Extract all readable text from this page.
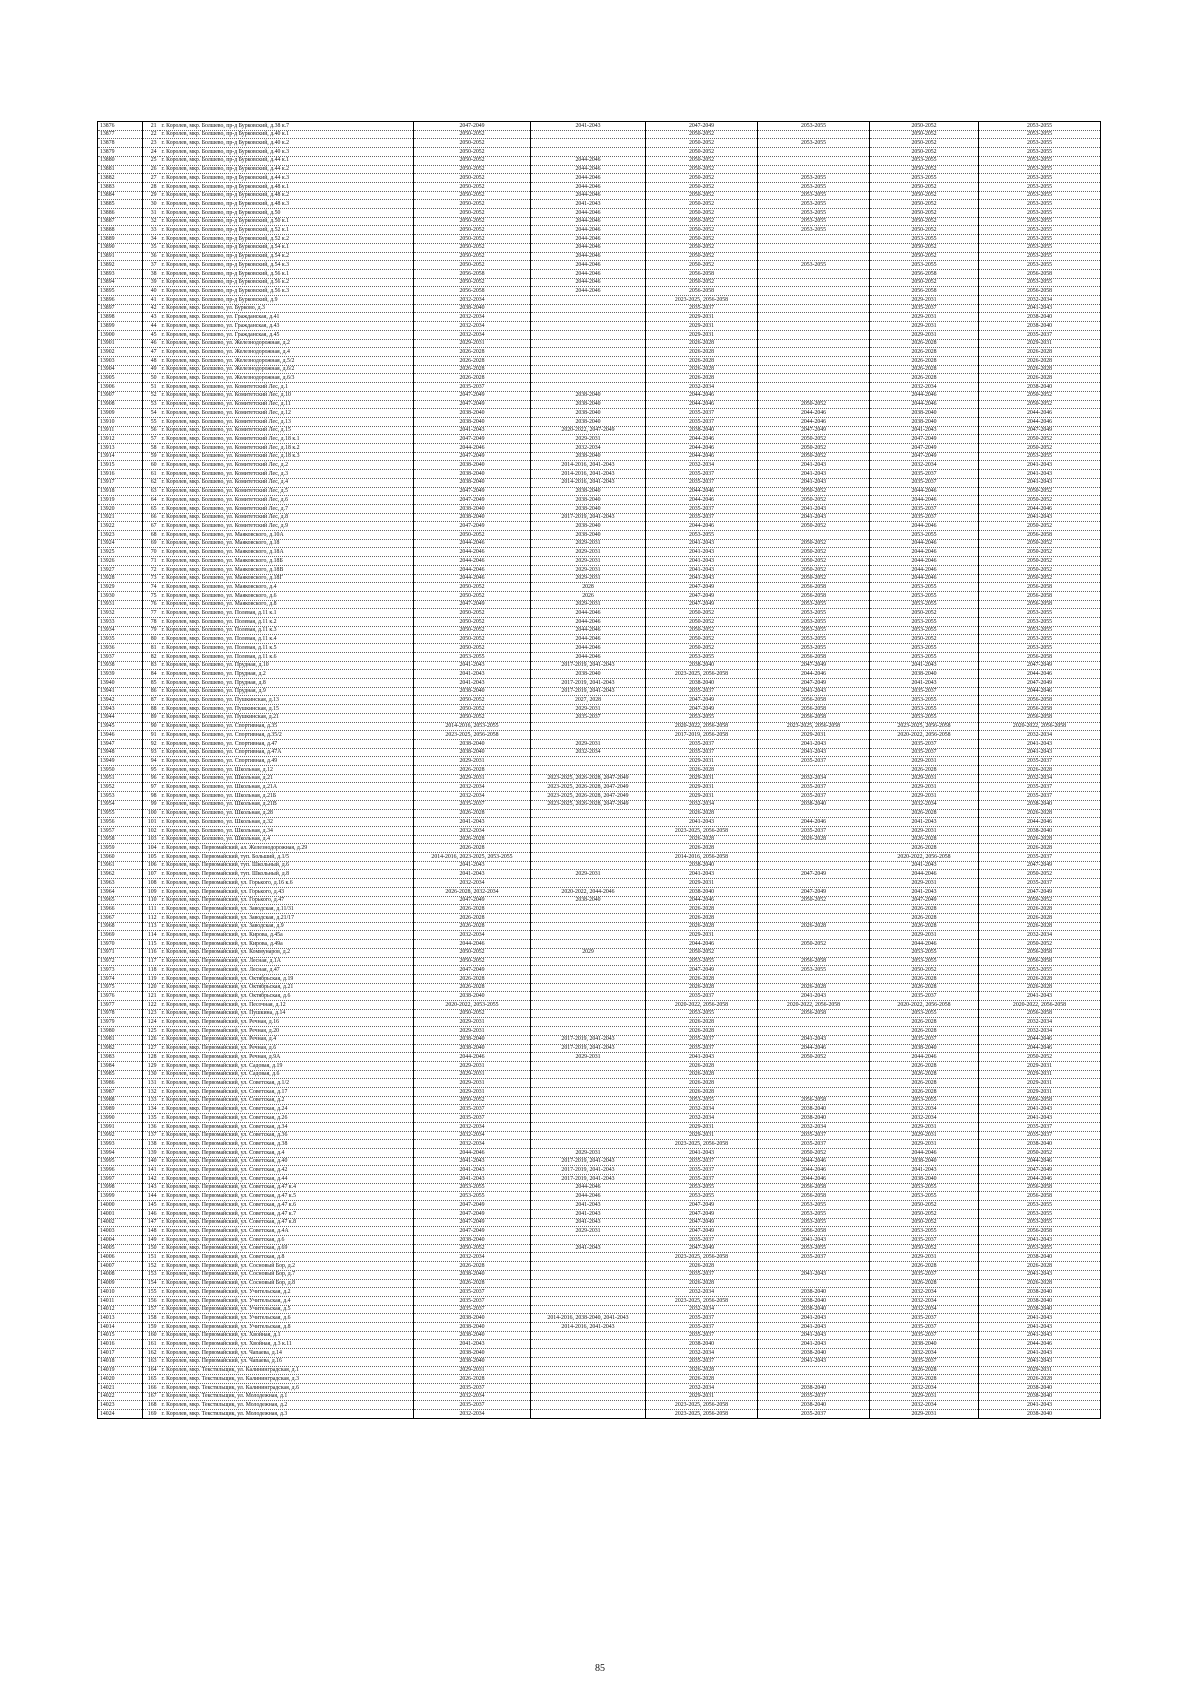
13876	21	г. Королев, мкр. Болшево, пр-д Бурковский, д.38 к.7	2047-2049	2041-2043	2047-2049	2053-2055	2050-2052	2053-2055
13877	22	г. Королев, мкр. Болшево, пр-д Бурковский, д.40 к.1	2050-2052		2050-2052		2050-2052	2053-2055
13878	23	г. Королев, мкр. Болшево, пр-д Бурковский, д.40 к.2	2050-2052		2050-2052	2053-2055	2050-2052	2053-2055
13879	24	г. Королев, мкр. Болшево, пр-д Бурковский, д.40 к.3	2050-2052		2050-2052		2050-2052	2053-2055
13880	25	г. Королев, мкр. Болшево, пр-д Бурковский, д.44 к.1	2050-2052	2044-2046	2050-2052		2053-2055	2053-2055
13881	26	г. Королев, мкр. Болшево, пр-д Бурковский, д.44 к.2	2050-2052	2044-2046	2050-2052		2050-2052	2053-2055
13882	27	г. Королев, мкр. Болшево, пр-д Бурковский, д.44 к.3	2050-2052	2044-2046	2050-2052	2053-2055	2053-2055	2053-2055
13883	28	г. Королев, мкр. Болшево, пр-д Бурковский, д.48 к.1	2050-2052	2044-2046	2050-2052	2053-2055	2050-2052	2053-2055
13884	29	г. Королев, мкр. Болшево, пр-д Бурковский, д.48 к.2	2050-2052	2044-2046	2050-2052	2053-2055	2050-2052	2053-2055
13885	30	г. Королев, мкр. Болшево, пр-д Бурковский, д.48 к.3	2050-2052	2041-2043	2050-2052	2053-2055	2050-2052	2053-2055
13886	31	г. Королев, мкр. Болшево, пр-д Бурковский, д.50	2050-2052	2044-2046	2050-2052	2053-2055	2050-2052	2053-2055
13887	32	г. Королев, мкр. Болшево, пр-д Бурковский, д.50 к.1	2050-2052	2044-2046	2050-2052	2053-2055	2050-2052	2053-2055
13888	33	г. Королев, мкр. Болшево, пр-д Бурковский, д.52 к.1	2050-2052	2044-2046	2050-2052	2053-2055	2050-2052	2053-2055
13889	34	г. Королев, мкр. Болшево, пр-д Бурковский, д.52 к.2	2050-2052	2044-2046	2050-2052		2053-2055	2053-2055
13890	35	г. Королев, мкр. Болшево, пр-д Бурковский, д.54 к.1	2050-2052	2044-2046	2050-2052		2050-2052	2053-2055
13891	36	г. Королев, мкр. Болшево, пр-д Бурковский, д.54 к.2	2050-2052	2044-2046	2050-2052		2050-2052	2053-2055
13892	37	г. Королев, мкр. Болшево, пр-д Бурковский, д.54 к.3	2050-2052	2044-2046	2050-2052	2053-2055	2053-2055	2053-2055
13893	38	г. Королев, мкр. Болшево, пр-д Бурковский, д.56 к.1	2056-2058	2044-2046	2056-2058		2056-2058	2056-2058
13894	39	г. Королев, мкр. Болшево, пр-д Бурковский, д.56 к.2	2050-2052	2044-2046	2050-2052		2050-2052	2053-2055
13895	40	г. Королев, мкр. Болшево, пр-д Бурковский, д.56 к.3	2056-2058	2044-2046	2056-2058		2056-2058	2056-2058
13896	41	г. Королев, мкр. Болшево, пр-д Бурковский, д.9	2032-2034		2023-2025, 2056-2058		2029-2031	2032-2034
13897	42	г. Королев, мкр. Болшево, ул. Бурково, д.3	2038-2040		2035-2037		2035-2037	2041-2043
13898	43	г. Королев, мкр. Болшево, ул. Гражданская, д.41	2032-2034		2029-2031		2029-2031	2038-2040
13899	44	г. Королев, мкр. Болшево, ул. Гражданская, д.43	2032-2034		2029-2031		2029-2031	2038-2040
13900	45	г. Королев, мкр. Болшево, ул. Гражданская, д.45	2032-2034		2029-2031		2029-2031	2035-2037
13901	46	г. Королев, мкр. Болшево, ул. Железнодорожная, д.2	2029-2031		2026-2028		2026-2028	2029-2031
13902	47	г. Королев, мкр. Болшево, ул. Железнодорожная, д.4	2026-2028		2026-2028		2026-2028	2026-2028
13903	48	г. Королев, мкр. Болшево, ул. Железнодорожная, д.5/2	2026-2028		2026-2028		2026-2028	2026-2028
13904	49	г. Королев, мкр. Болшево, ул. Железнодорожная, д.6/2	2026-2028		2026-2028		2026-2028	2026-2028
13905	50	г. Королев, мкр. Болшево, ул. Железнодорожная, д.6/3	2026-2028		2026-2028		2026-2028	2026-2028
13906	51	г. Королев, мкр. Болшево, ул. Комитетский Лес, д.1	2035-2037		2032-2034		2032-2034	2038-2040
13907	52	г. Королев, мкр. Болшево, ул. Комитетский Лес, д.10	2047-2049	2038-2040	2044-2046		2044-2046	2050-2052
13908	53	г. Королев, мкр. Болшево, ул. Комитетский Лес, д.11	2047-2049	2038-2040	2044-2046	2050-2052	2044-2046	2050-2052
13909	54	г. Королев, мкр. Болшево, ул. Комитетский Лес, д.12	2038-2040	2038-2040	2035-2037	2044-2046	2038-2040	2044-2046
13910	55	г. Королев, мкр. Болшево, ул. Комитетский Лес, д.13	2038-2040	2038-2040	2035-2037	2044-2046	2038-2040	2044-2046
13911	56	г. Королев, мкр. Болшево, ул. Комитетский Лес, д.15	2041-2043	2020-2022, 2047-2049	2038-2040	2047-2049	2041-2043	2047-2049
13912	57	г. Королев, мкр. Болшево, ул. Комитетский Лес, д.18 к.1	2047-2049	2029-2031	2044-2046	2050-2052	2047-2049	2050-2052
13913	58	г. Королев, мкр. Болшево, ул. Комитетский Лес, д.18 к.2	2044-2046	2032-2034	2044-2046	2050-2052	2047-2049	2050-2052
13914	59	г. Королев, мкр. Болшево, ул. Комитетский Лес, д.18 к.3	2047-2049	2038-2040	2044-2046	2050-2052	2047-2049	2053-2055
13915	60	г. Королев, мкр. Болшево, ул. Комитетский Лес, д.2	2038-2040	2014-2016, 2041-2043	2032-2034	2041-2043	2032-2034	2041-2043
13916	61	г. Королев, мкр. Болшево, ул. Комитетский Лес, д.3	2038-2040	2014-2016, 2041-2043	2035-2037	2041-2043	2035-2037	2041-2043
13917	62	г. Королев, мкр. Болшево, ул. Комитетский Лес, д.4	2038-2040	2014-2016, 2041-2043	2035-2037	2041-2043	2035-2037	2041-2043
13918	63	г. Королев, мкр. Болшево, ул. Комитетский Лес, д.5	2047-2049	2038-2040	2044-2046	2050-2052	2044-2046	2050-2052
13919	64	г. Королев, мкр. Болшево, ул. Комитетский Лес, д.6	2047-2049	2038-2040	2044-2046	2050-2052	2044-2046	2050-2052
13920	65	г. Королев, мкр. Болшево, ул. Комитетский Лес, д.7	2038-2040	2038-2040	2035-2037	2041-2043	2035-2037	2044-2046
13921	66	г. Королев, мкр. Болшево, ул. Комитетский Лес, д.8	2038-2040	2017-2019, 2041-2043	2035-2037	2041-2043	2035-2037	2041-2043
13922	67	г. Королев, мкр. Болшево, ул. Комитетский Лес, д.9	2047-2049	2038-2040	2044-2046	2050-2052	2044-2046	2050-2052
13923	68	г. Королев, мкр. Болшево, ул. Маяковского, д.10А	2050-2052	2038-2040	2053-2055		2053-2055	2056-2058
13924	69	г. Королев, мкр. Болшево, ул. Маяковского, д.18	2044-2046	2029-2031	2041-2043	2050-2052	2044-2046	2050-2052
13925	70	г. Королев, мкр. Болшево, ул. Маяковского, д.18А	2044-2046	2029-2031	2041-2043	2050-2052	2044-2046	2050-2052
13926	71	г. Королев, мкр. Болшево, ул. Маяковского, д.18Б	2044-2046	2029-2031	2041-2043	2050-2052	2044-2046	2050-2052
13927	72	г. Королев, мкр. Болшево, ул. Маяковского, д.18В	2044-2046	2029-2031	2041-2043	2050-2052	2044-2046	2050-2052
13928	73	г. Королев, мкр. Болшево, ул. Маяковского, д.18Г	2044-2046	2029-2031	2041-2043	2050-2052	2044-2046	2050-2052
13929	74	г. Королев, мкр. Болшево, ул. Маяковского, д.4	2050-2052	2028	2047-2049	2056-2058	2053-2055	2056-2058
13930	75	г. Королев, мкр. Болшево, ул. Маяковского, д.6	2050-2052	2026	2047-2049	2056-2058	2053-2055	2056-2058
13931	76	г. Королев, мкр. Болшево, ул. Маяковского, д.8	2047-2049	2029-2031	2047-2049	2053-2055	2053-2055	2056-2058
13932	77	г. Королев, мкр. Болшево, ул. Полевая, д.11 к.1	2050-2052	2044-2046	2050-2052	2053-2055	2050-2052	2053-2055
13933	78	г. Королев, мкр. Болшево, ул. Полевая, д.11 к.2	2050-2052	2044-2046	2050-2052	2053-2055	2053-2055	2053-2055
13934	79	г. Королев, мкр. Болшево, ул. Полевая, д.11 к.3	2050-2052	2044-2046	2050-2052	2053-2055	2053-2055	2053-2055
13935	80	г. Королев, мкр. Болшево, ул. Полевая, д.11 к.4	2050-2052	2044-2046	2050-2052	2053-2055	2050-2052	2053-2055
13936	81	г. Королев, мкр. Болшево, ул. Полевая, д.11 к.5	2050-2052	2044-2046	2050-2052	2053-2055	2053-2055	2053-2055
13937	82	г. Королев, мкр. Болшево, ул. Полевая, д.11 к.6	2053-2055	2044-2046	2053-2055	2056-2058	2053-2055	2056-2058
13938	83	г. Королев, мкр. Болшево, ул. Прудная, д.10	2041-2043	2017-2019, 2041-2043	2038-2040	2047-2049	2041-2043	2047-2049
13939	84	г. Королев, мкр. Болшево, ул. Прудная, д.2	2041-2043	2038-2040	2023-2025, 2056-2058	2044-2046	2038-2040	2044-2046
13940	85	г. Королев, мкр. Болшево, ул. Прудная, д.8	2041-2043	2017-2019, 2041-2043	2038-2040	2047-2049	2041-2043	2047-2049
13941	86	г. Королев, мкр. Болшево, ул. Прудная, д.9	2038-2040	2017-2019, 2041-2043	2035-2037	2041-2043	2035-2037	2044-2046
13942	87	г. Королев, мкр. Болшево, ул. Пушкинская, д.13	2050-2052	2027, 2028	2047-2049	2056-2058	2053-2055	2056-2058
13943	88	г. Королев, мкр. Болшево, ул. Пушкинская, д.15	2050-2052	2029-2031	2047-2049	2056-2058	2053-2055	2056-2058
13944	89	г. Королев, мкр. Болшево, ул. Пушкинская, д.21	2050-2052	2035-2037	2053-2055	2056-2058	2053-2055	2056-2058
13945	90	г. Королев, мкр. Болшево, ул. Спортивная, д.35	2014-2016, 2053-2055		2020-2022, 2056-2058	2023-2025, 2056-2058	2023-2025, 2056-2058	2020-2022, 2056-2058
13946	91	г. Королев, мкр. Болшево, ул. Спортивная, д.35/2	2023-2025, 2056-2058		2017-2019, 2056-2058	2029-2031	2020-2022, 2056-2058	2032-2034
13947	92	г. Королев, мкр. Болшево, ул. Спортивная, д.47	2038-2040	2029-2031	2035-2037	2041-2043	2035-2037	2041-2043
13948	93	г. Королев, мкр. Болшево, ул. Спортивная, д.47А	2038-2040	2032-2034	2035-2037	2041-2043	2035-2037	2041-2043
13949	94	г. Королев, мкр. Болшево, ул. Спортивная, д.49	2029-2031		2029-2031	2035-2037	2029-2031	2035-2037
13950	95	г. Королев, мкр. Болшево, ул. Школьная, д.12	2026-2028		2026-2028		2026-2028	2026-2028
13951	96	г. Королев, мкр. Болшево, ул. Школьная, д.21	2029-2031	2023-2025, 2026-2028, 2047-2049	2029-2031	2032-2034	2029-2031	2032-2034
13952	97	г. Королев, мкр. Болшево, ул. Школьная, д.21А	2032-2034	2023-2025, 2026-2028, 2047-2049	2029-2031	2035-2037	2029-2031	2035-2037
13953	98	г. Королев, мкр. Болшево, ул. Школьная, д.21Б	2032-2034	2023-2025, 2026-2028, 2047-2049	2029-2031	2035-2037	2029-2031	2035-2037
13954	99	г. Королев, мкр. Болшево, ул. Школьная, д.21В	2035-2037	2023-2025, 2026-2028, 2047-2049	2032-2034	2038-2040	2032-2034	2038-2040
13955	100	г. Королев, мкр. Болшево, ул. Школьная, д.28	2026-2028		2026-2028		2026-2028	2026-2028
13956	101	г. Королев, мкр. Болшево, ул. Школьная, д.32	2041-2043		2041-2043	2044-2046	2041-2043	2044-2046
13957	102	г. Королев, мкр. Болшево, ул. Школьная, д.34	2032-2034		2023-2025, 2056-2058	2035-2037	2029-2031	2038-2040
13958	103	г. Королев, мкр. Болшево, ул. Школьная, д.4	2026-2028		2026-2028	2026-2028	2026-2028	2026-2028
13959	104	г. Королев, мкр. Первомайский, ал. Железнодорожная, д.29	2026-2028		2026-2028		2026-2028	2026-2028
13960	105	г. Королев, мкр. Первомайский, туп. Больший, д.1/5	2014-2016, 2023-2025, 2053-2055		2014-2016, 2056-2058		2020-2022, 2056-2058	2035-2037
13961	106	г. Королев, мкр. Первомайский, туп. Школьный, д.6	2041-2043		2038-2040		2041-2043	2047-2049
13962	107	г. Королев, мкр. Первомайский, туп. Школьный, д.8	2041-2043	2029-2031	2041-2043	2047-2049	2044-2046	2050-2052
13963	108	г. Королев, мкр. Первомайский, ул. Горького, д.16 к.6	2032-2034		2029-2031		2029-2031	2035-2037
13964	109	г. Королев, мкр. Первомайский, ул. Горького, д.43	2026-2028, 2032-2034	2020-2022, 2044-2046	2038-2040	2047-2049	2041-2043	2047-2049
13965	110	г. Королев, мкр. Первомайский, ул. Горького, д.47	2047-2049	2038-2040	2044-2046	2050-2052	2047-2049	2050-2052
13966	111	г. Королев, мкр. Первомайский, ул. Заводская, д.11/31	2026-2028		2026-2028		2026-2028	2026-2028
13967	112	г. Королев, мкр. Первомайский, ул. Заводская, д.21/17	2026-2028		2026-2028		2026-2028	2026-2028
13968	113	г. Королев, мкр. Первомайский, ул. Заводская, д.9	2026-2028		2026-2028	2026-2028	2026-2028	2026-2028
13969	114	г. Королев, мкр. Первомайский, ул. Кирова, д.45а	2032-2034		2029-2031		2029-2031	2032-2034
13970	115	г. Королев, мкр. Первомайский, ул. Кирова, д.49а	2044-2046		2044-2046	2050-2052	2044-2046	2050-2052
13971	116	г. Королев, мкр. Первомайский, ул. Коммунаров, д.2	2050-2052	2029	2050-2052		2053-2055	2056-2058
13972	117	г. Королев, мкр. Первомайский, ул. Лесная, д.1А	2050-2052		2053-2055	2056-2058	2053-2055	2056-2058
13973	118	г. Королев, мкр. Первомайский, ул. Лесная, д.47	2047-2049		2047-2049	2053-2055	2050-2052	2053-2055
13974	119	г. Королев, мкр. Первомайский, ул. Октябрьская, д.19	2026-2028		2026-2028		2026-2028	2026-2028
13975	120	г. Королев, мкр. Первомайский, ул. Октябрьская, д.21	2026-2028		2026-2028	2026-2028	2026-2028	2026-2028
13976	121	г. Королев, мкр. Первомайский, ул. Октябрьская, д.6	2038-2040		2035-2037	2041-2043	2035-2037	2041-2043
13977	122	г. Королев, мкр. Первомайский, ул. Песочная, д.12	2020-2022, 2053-2055		2020-2022, 2056-2058	2020-2022, 2056-2058	2020-2022, 2056-2058	2020-2022, 2056-2058
13978	123	г. Королев, мкр. Первомайский, ул. Пушкина, д.14	2050-2052		2053-2055	2056-2058	2053-2055	2056-2058
13979	124	г. Королев, мкр. Первомайский, ул. Речная, д.16	2029-2031		2026-2028		2026-2028	2032-2034
13980	125	г. Королев, мкр. Первомайский, ул. Речная, д.20	2029-2031		2026-2028		2026-2028	2032-2034
13981	126	г. Королев, мкр. Первомайский, ул. Речная, д.4	2038-2040	2017-2019, 2041-2043	2035-2037	2041-2043	2035-2037	2044-2046
13982	127	г. Королев, мкр. Первомайский, ул. Речная, д.6	2038-2040	2017-2019, 2041-2043	2035-2037	2044-2046	2038-2040	2044-2046
13983	128	г. Королев, мкр. Первомайский, ул. Речная, д.9А	2044-2046	2029-2031	2041-2043	2050-2052	2044-2046	2050-2052
13984	129	г. Королев, мкр. Первомайский, ул. Садовая, д.19	2029-2031		2026-2028		2026-2028	2029-2031
13985	130	г. Королев, мкр. Первомайский, ул. Садовая, д.6	2029-2031		2026-2028		2026-2028	2029-2031
13986	131	г. Королев, мкр. Первомайский, ул. Советская, д.1/2	2029-2031		2026-2028		2026-2028	2029-2031
13987	132	г. Королев, мкр. Первомайский, ул. Советская, д.17	2029-2031		2026-2028		2026-2028	2029-2031
13988	133	г. Королев, мкр. Первомайский, ул. Советская, д.2	2050-2052		2053-2055	2056-2058	2053-2055	2056-2058
13989	134	г. Королев, мкр. Первомайский, ул. Советская, д.24	2035-2037		2032-2034	2038-2040	2032-2034	2041-2043
13990	135	г. Королев, мкр. Первомайский, ул. Советская, д.26	2035-2037		2032-2034	2038-2040	2032-2034	2041-2043
13991	136	г. Королев, мкр. Первомайский, ул. Советская, д.34	2032-2034		2029-2031	2032-2034	2029-2031	2035-2037
13992	137	г. Королев, мкр. Первомайский, ул. Советская, д.36	2032-2034		2029-2031	2035-2037	2029-2031	2035-2037
13993	138	г. Королев, мкр. Первомайский, ул. Советская, д.38	2032-2034		2023-2025, 2056-2058	2035-2037	2029-2031	2038-2040
13994	139	г. Королев, мкр. Первомайский, ул. Советская, д.4	2044-2046	2029-2031	2041-2043	2050-2052	2044-2046	2050-2052
13995	140	г. Королев, мкр. Первомайский, ул. Советская, д.40	2041-2043	2017-2019, 2041-2043	2035-2037	2044-2046	2038-2040	2044-2046
13996	141	г. Королев, мкр. Первомайский, ул. Советская, д.42	2041-2043	2017-2019, 2041-2043	2035-2037	2044-2046	2041-2043	2047-2049
13997	142	г. Королев, мкр. Первомайский, ул. Советская, д.44	2041-2043	2017-2019, 2041-2043	2035-2037	2044-2046	2038-2040	2044-2046
13998	143	г. Королев, мкр. Первомайский, ул. Советская, д.47 к.4	2053-2055	2044-2046	2053-2055	2056-2058	2053-2055	2056-2058
13999	144	г. Королев, мкр. Первомайский, ул. Советская, д.47 к.5	2053-2055	2044-2046	2053-2055	2056-2058	2053-2055	2056-2058
14000	145	г. Королев, мкр. Первомайский, ул. Советская, д.47 к.6	2047-2049	2041-2043	2047-2049	2053-2055	2050-2052	2053-2055
14001	146	г. Королев, мкр. Первомайский, ул. Советская, д.47 к.7	2047-2049	2041-2043	2047-2049	2053-2055	2050-2052	2053-2055
14002	147	г. Королев, мкр. Первомайский, ул. Советская, д.47 к.8	2047-2049	2041-2043	2047-2049	2053-2055	2050-2052	2053-2055
14003	148	г. Королев, мкр. Первомайский, ул. Советская, д.4А	2047-2049	2029-2031	2047-2049	2056-2058	2053-2055	2056-2058
14004	149	г. Королев, мкр. Первомайский, ул. Советская, д.6	2038-2040		2035-2037	2041-2043	2035-2037	2041-2043
14005	150	г. Королев, мкр. Первомайский, ул. Советская, д.69	2050-2052	2041-2043	2047-2049	2053-2055	2050-2052	2053-2055
14006	151	г. Королев, мкр. Первомайский, ул. Советская, д.8	2032-2034		2023-2025, 2056-2058	2035-2037	2029-2031	2038-2040
14007	152	г. Королев, мкр. Первомайский, ул. Сосновый Бор, д.2	2026-2028		2026-2028		2026-2028	2026-2028
14008	153	г. Королев, мкр. Первомайский, ул. Сосновый Бор, д.7	2038-2040		2035-2037	2041-2043	2035-2037	2041-2043
14009	154	г. Королев, мкр. Первомайский, ул. Сосновый Бор, д.8	2026-2028		2026-2028		2026-2028	2026-2028
14010	155	г. Королев, мкр. Первомайский, ул. Учительская, д.2	2035-2037		2032-2034	2038-2040	2032-2034	2038-2040
14011	156	г. Королев, мкр. Первомайский, ул. Учительская, д.4	2035-2037		2023-2025, 2056-2058	2038-2040	2032-2034	2038-2040
14012	157	г. Королев, мкр. Первомайский, ул. Учительская, д.5	2035-2037		2032-2034	2038-2040	2032-2034	2038-2040
14013	158	г. Королев, мкр. Первомайский, ул. Учительская, д.6	2038-2040	2014-2016, 2038-2040, 2041-2043	2035-2037	2041-2043	2035-2037	2041-2043
14014	159	г. Королев, мкр. Первомайский, ул. Учительская, д.8	2038-2040	2014-2016, 2041-2043	2035-2037	2041-2043	2035-2037	2041-2043
14015	160	г. Королев, мкр. Первомайский, ул. Хвойная, д.1	2038-2040		2035-2037	2041-2043	2035-2037	2041-2043
14016	161	г. Королев, мкр. Первомайский, ул. Хвойная, д.3 к.11	2041-2043		2038-2040	2041-2043	2038-2040	2044-2046
14017	162	г. Королев, мкр. Первомайский, ул. Чапаева, д.14	2038-2040		2032-2034	2038-2040	2032-2034	2041-2043
14018	163	г. Королев, мкр. Первомайский, ул. Чапаева, д.16	2038-2040		2035-2037	2041-2043	2035-2037	2041-2043
14019	164	г. Королев, мкр. Текстильщик, ул. Калининградская, д.1	2029-2031		2026-2028		2026-2028	2029-2031
14020	165	г. Королев, мкр. Текстильщик, ул. Калининградская, д.3	2026-2028		2026-2028		2026-2028	2026-2028
14021	166	г. Королев, мкр. Текстильщик, ул. Калининградская, д.6	2035-2037		2032-2034	2038-2040	2032-2034	2038-2040
14022	167	г. Королев, мкр. Текстильщик, ул. Молодежная, д.1	2032-2034		2029-2031	2035-2037	2029-2031	2038-2040
14023	168	г. Королев, мкр. Текстильщик, ул. Молодежная, д.2	2035-2037		2023-2025, 2056-2058	2038-2040	2032-2034	2041-2043
14024	169	г. Королев, мкр. Текстильщик, ул. Молодежная, д.3	2032-2034		2023-2025, 2056-2058	2035-2037	2029-2031	2038-2040
85
